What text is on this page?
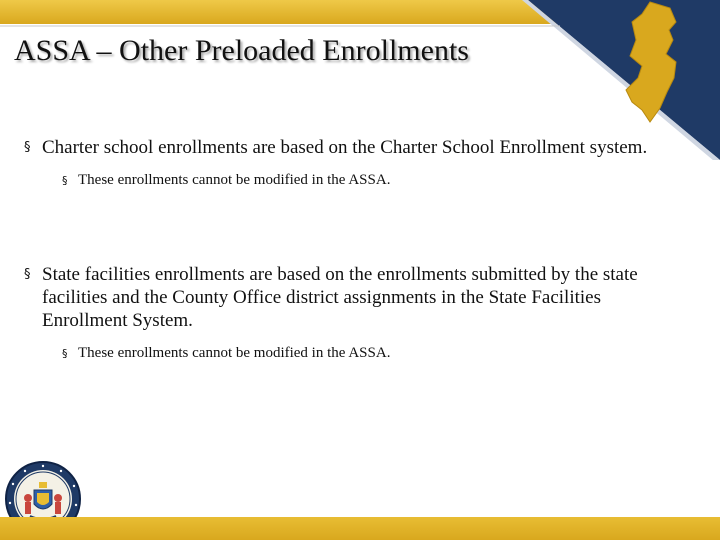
ASSA – Other Preloaded Enrollments
§ Charter school enrollments are based on the Charter School Enrollment system.
§ These enrollments cannot be modified in the ASSA.
§ State facilities enrollments are based on the enrollments submitted by the state facilities and the County Office district assignments in the State Facilities Enrollment System.
§ These enrollments cannot be modified in the ASSA.
